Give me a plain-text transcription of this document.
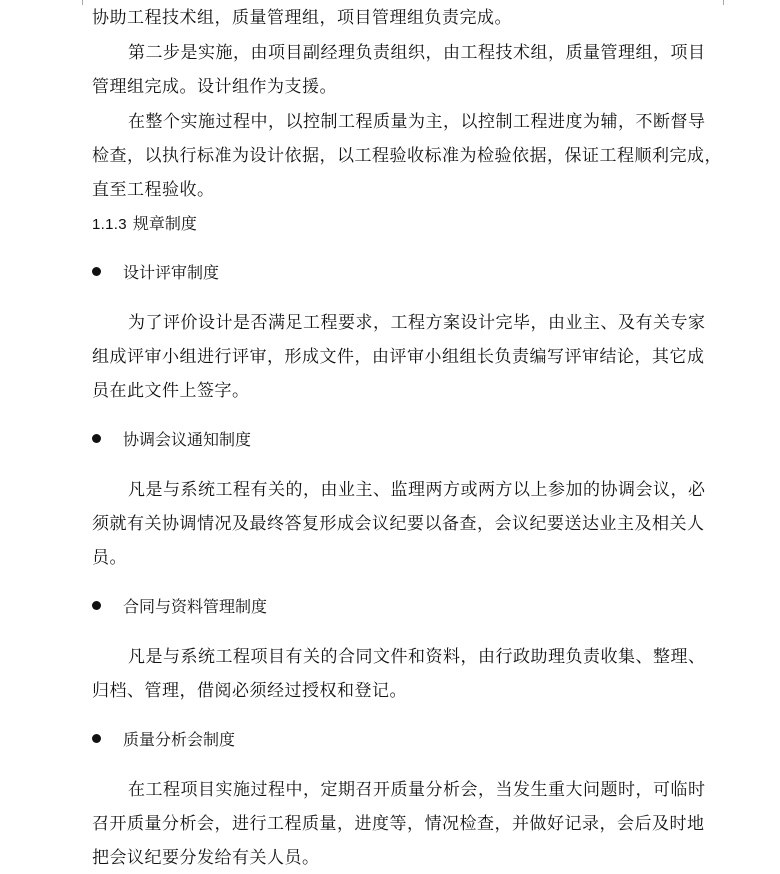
协助工程技术组，质量管理组，项目管理组负责完成。
第二步是实施，由项目副经理负责组织，由工程技术组，质量管理组，项目
管理组完成。设计组作为支援。
在整个实施过程中，以控制工程质量为主，以控制工程进度为辅，不断督导
检查，以执行标准为设计依据，以工程验收标准为检验依据，保证工程顺利完成，
直至工程验收。
1.1.3 规章制度
设计评审制度
为了评价设计是否满足工程要求，工程方案设计完毕，由业主、及有关专家
组成评审小组进行评审，形成文件，由评审小组组长负责编写评审结论，其它成
员在此文件上签字。
协调会议通知制度
凡是与系统工程有关的，由业主、监理两方或两方以上参加的协调会议，必
须就有关协调情况及最终答复形成会议纪要以备查，会议纪要送达业主及相关人
员。
合同与资料管理制度
凡是与系统工程项目有关的合同文件和资料，由行政助理负责收集、整理、
归档、管理，借阅必须经过授权和登记。
质量分析会制度
在工程项目实施过程中，定期召开质量分析会，当发生重大问题时，可临时
召开质量分析会，进行工程质量，进度等，情况检查，并做好记录，会后及时地
把会议纪要分发给有关人员。
